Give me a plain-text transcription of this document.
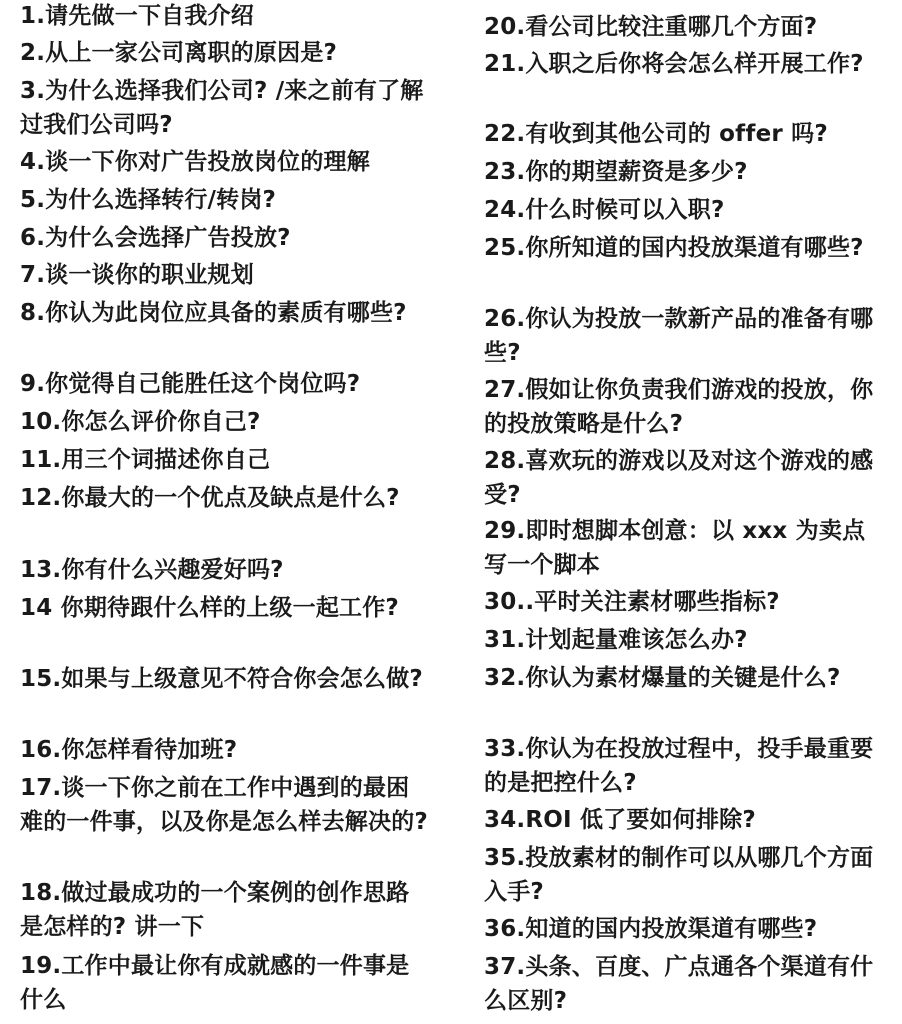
1.请先做一下自我介绍
2.从上一家公司离职的原因是?
3.为什么选择我们公司? /来之前有了解过我们公司吗?
4.谈一下你对广告投放岗位的理解
5.为什么选择转行/转岗?
6.为什么会选择广告投放?
7.谈一谈你的职业规划
8.你认为此岗位应具备的素质有哪些?
9.你觉得自己能胜任这个岗位吗?
10.你怎么评价你自己?
11.用三个词描述你自己
12.你最大的一个优点及缺点是什么?
13.你有什么兴趣爱好吗?
14 你期待跟什么样的上级一起工作?
15.如果与上级意见不符合你会怎么做?
16.你怎样看待加班?
17.谈一下你之前在工作中遇到的最困难的一件事，以及你是怎么样去解决的?
18.做过最成功的一个案例的创作思路是怎样的? 讲一下
19.工作中最让你有成就感的一件事是什么
20.看公司比较注重哪几个方面?
21.入职之后你将会怎么样开展工作?
22.有收到其他公司的 offer 吗?
23.你的期望薪资是多少?
24.什么时候可以入职?
25.你所知道的国内投放渠道有哪些?
26.你认为投放一款新产品的准备有哪些?
27.假如让你负责我们游戏的投放，你的投放策略是什么?
28.喜欢玩的游戏以及对这个游戏的感受?
29.即时想脚本创意：以 xxx 为卖点写一个脚本
30..平时关注素材哪些指标?
31.计划起量难该怎么办?
32.你认为素材爆量的关键是什么?
33.你认为在投放过程中，投手最重要的是把控什么?
34.ROI 低了要如何排除?
35.投放素材的制作可以从哪几个方面入手?
36.知道的国内投放渠道有哪些?
37.头条、百度、广点通各个渠道有什么区别?
